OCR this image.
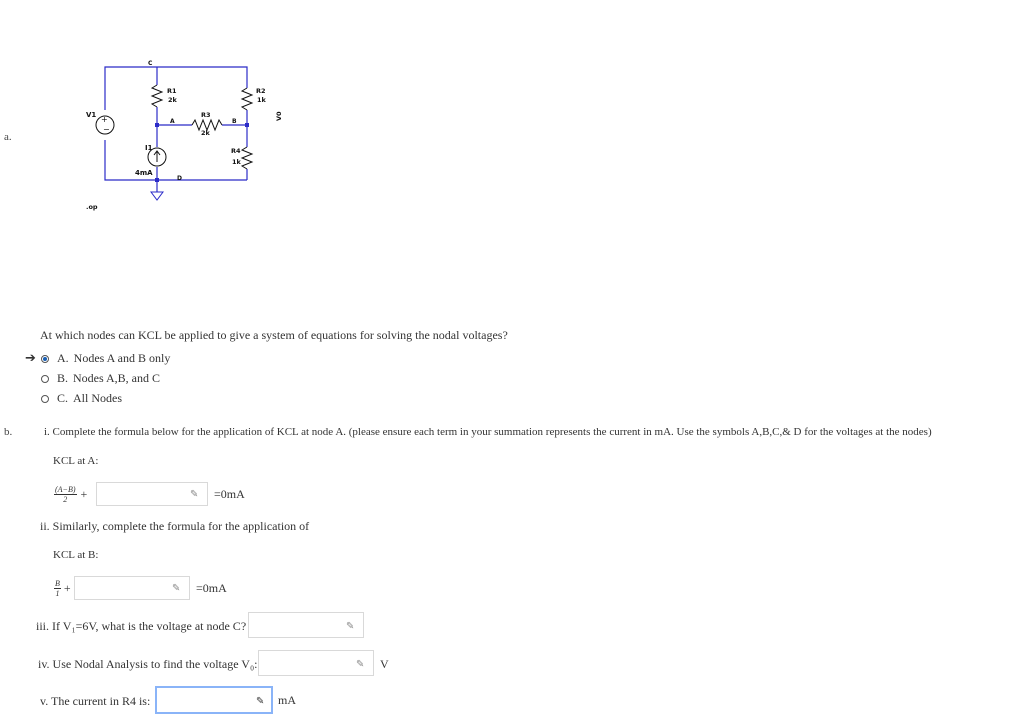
a.
+
−
V1
I1
4mA
C
A	B
D
R1
2k
R2
1k
R3
2k
R4
1k
V0
.op
At which nodes can KCL be applied to give a system of equations for solving the nodal voltages?
➔	A. Nodes A and B only
B. Nodes A,B, and C
C. All Nodes
b.	i. Complete the formula below for the application of KCL at node A. (please ensure each term in your summation represents the current in mA. Use the symbols A,B,C,& D for the voltages at the nodes)
KCL at A:
$\frac{(A-B)}{2}$ +	✎ =0mA
ii. Similarly, complete the formula for the application of
KCL at B:
$\frac{B}{1}$ +	✎ =0mA
iii. If V₁=6V, what is the voltage at node C?	✎
iv. Use Nodal Analysis to find the voltage V₀:	✎ V
v. The current in R4 is:	✎ mA
